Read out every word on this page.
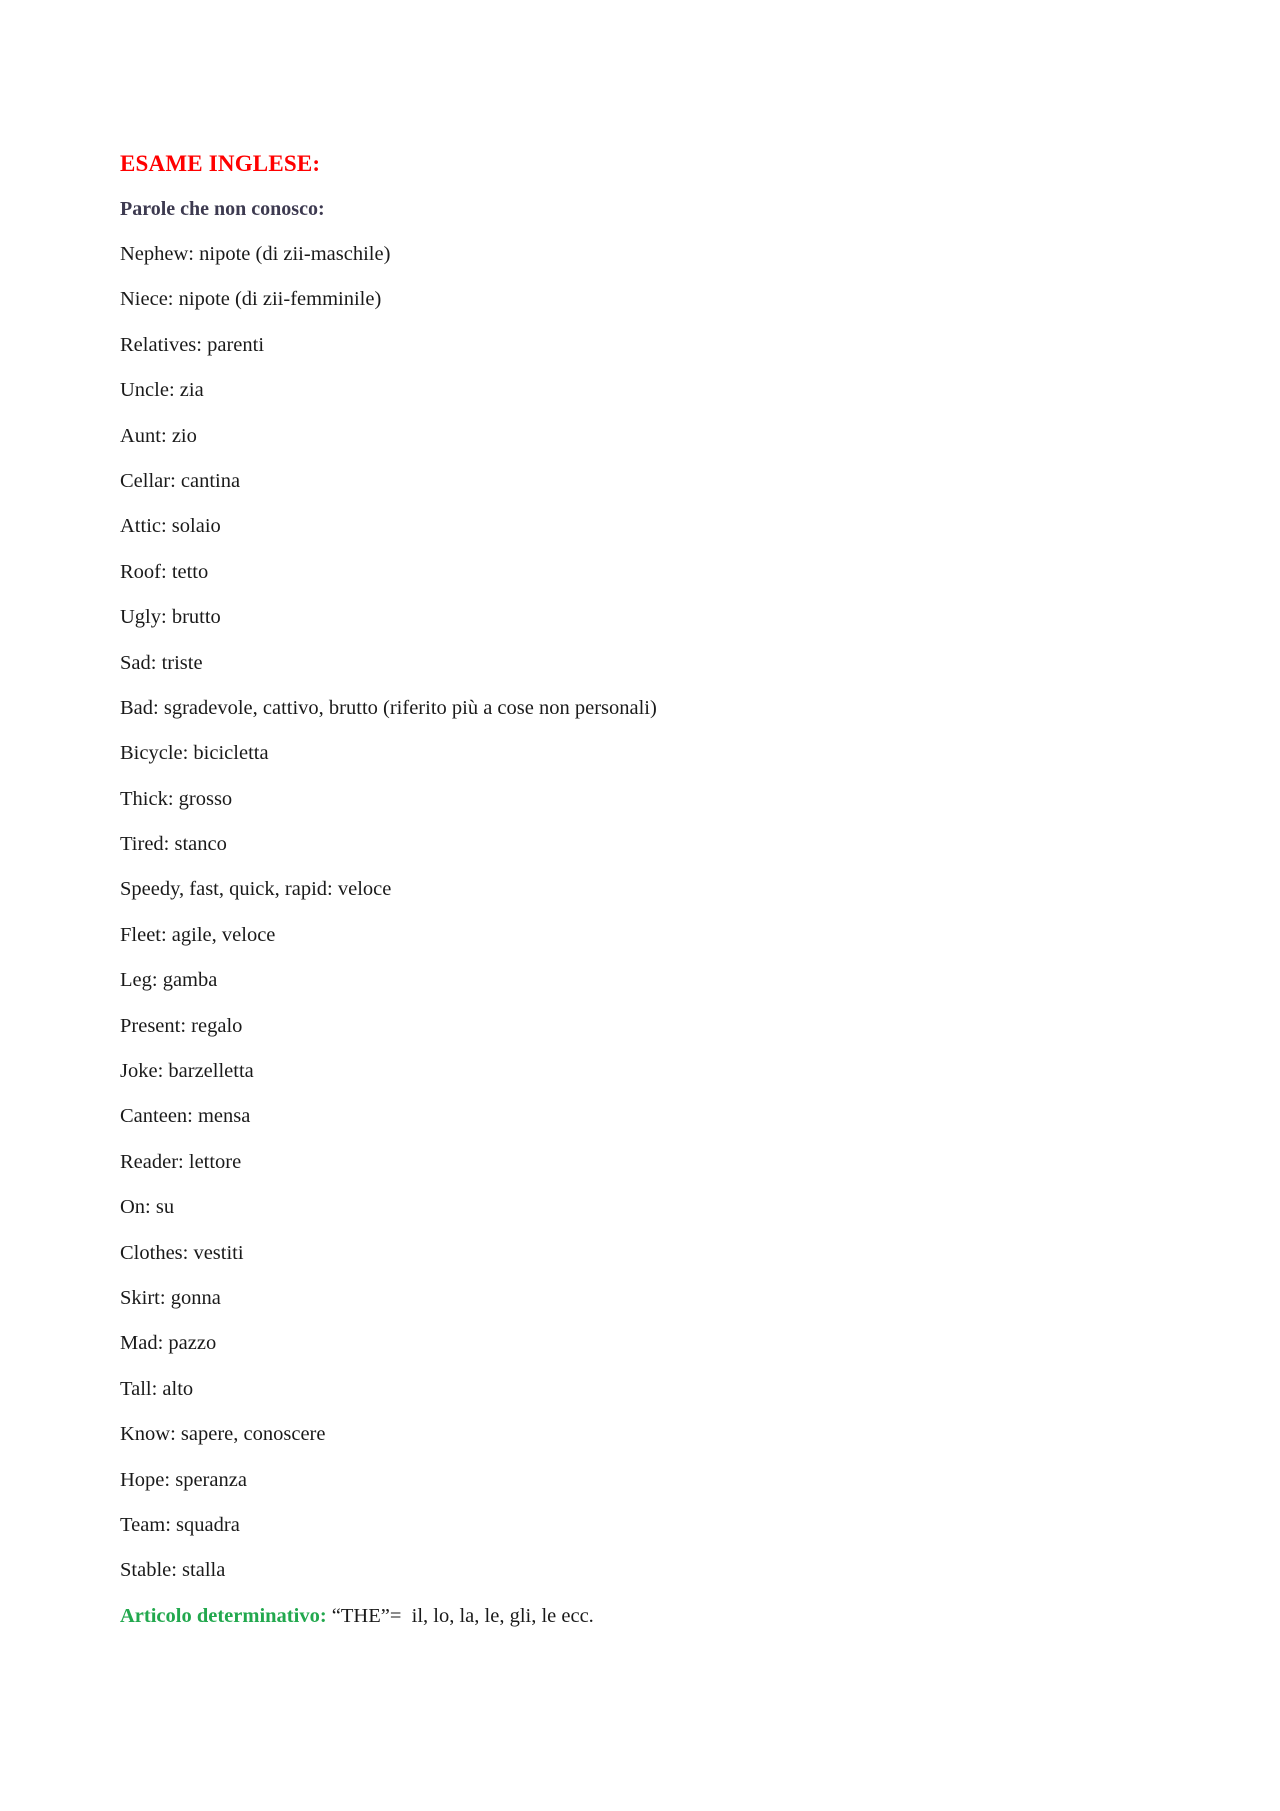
ESAME INGLESE:
Parole che non conosco:
Nephew: nipote (di zii-maschile)
Niece: nipote (di zii-femminile)
Relatives: parenti
Uncle: zia
Aunt: zio
Cellar: cantina
Attic: solaio
Roof: tetto
Ugly: brutto
Sad: triste
Bad: sgradevole, cattivo, brutto (riferito più a cose non personali)
Bicycle: bicicletta
Thick: grosso
Tired: stanco
Speedy, fast, quick, rapid: veloce
Fleet: agile, veloce
Leg: gamba
Present: regalo
Joke: barzelletta
Canteen: mensa
Reader: lettore
On: su
Clothes: vestiti
Skirt: gonna
Mad: pazzo
Tall: alto
Know: sapere, conoscere
Hope: speranza
Team: squadra
Stable: stalla

Articolo determinativo: “THE”=  il, lo, la, le, gli, le ecc.
